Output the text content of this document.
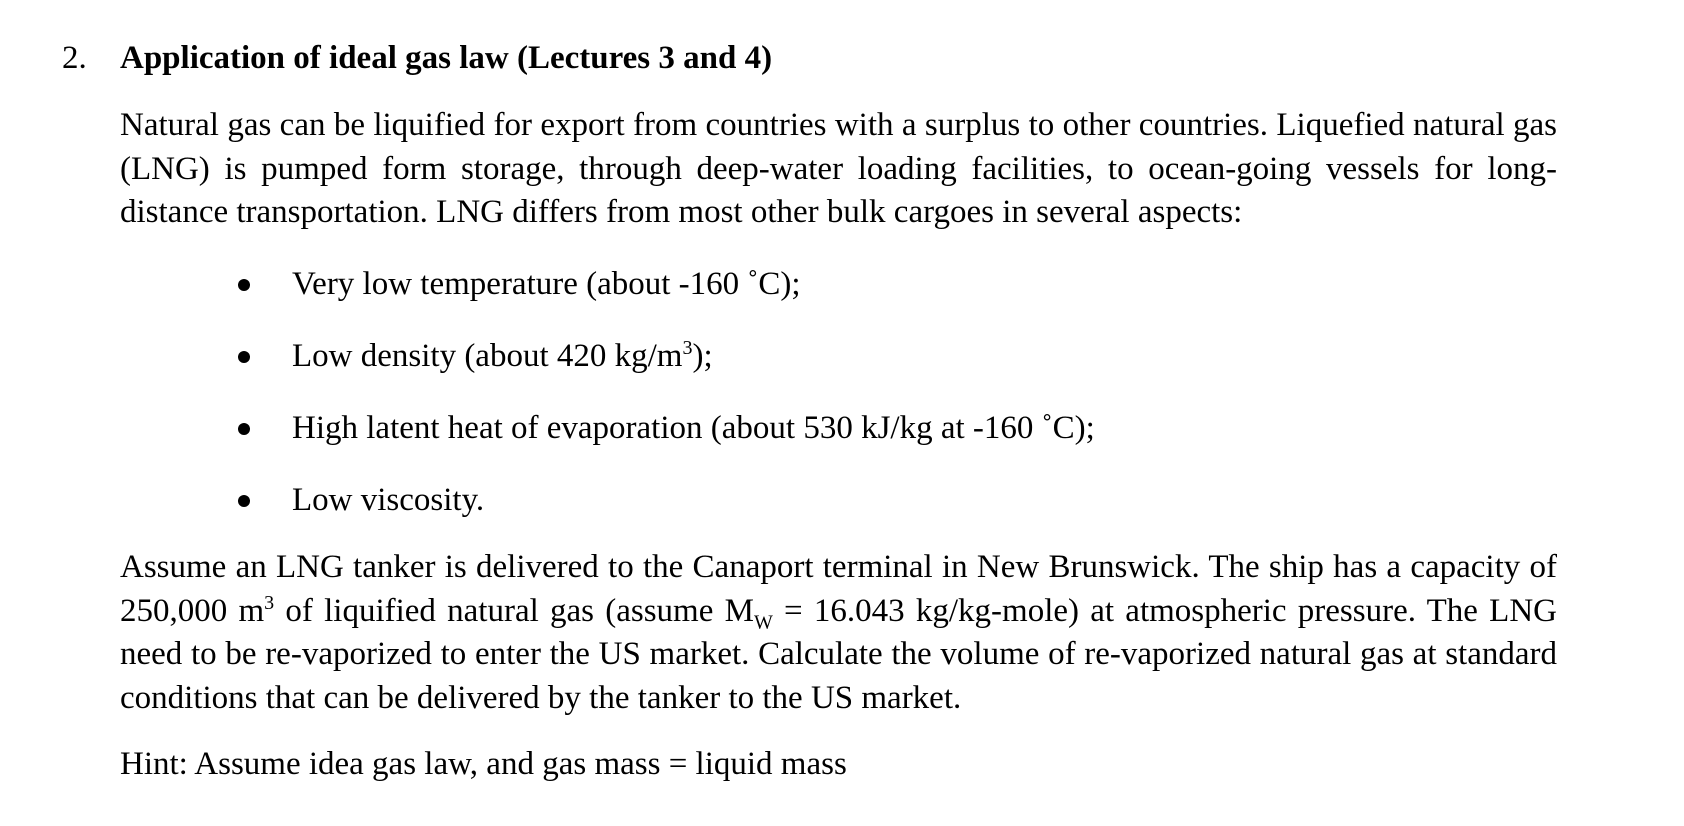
2. Application of ideal gas law (Lectures 3 and 4)

Natural gas can be liquified for export from countries with a surplus to other countries. Liquefied natural gas (LNG) is pumped form storage, through deep-water loading facilities, to ocean-going vessels for long-distance transportation. LNG differs from most other bulk cargoes in several aspects:

Very low temperature (about -160 ˚C);
Low density (about 420 $kg/m^3$);
High latent heat of evaporation (about 530 kJ/kg at -160 ˚C);
Low viscosity.

Assume an LNG tanker is delivered to the Canaport terminal in New Brunswick. The ship has a capacity of 250,000 $m^3$ of liquified natural gas (assume $M_W = 16.043$ kg/kg-mole) at atmospheric pressure. The LNG need to be re-vaporized to enter the US market. Calculate the volume of re-vaporized natural gas at standard conditions that can be delivered by the tanker to the US market.

Hint: Assume idea gas law, and gas mass = liquid mass
